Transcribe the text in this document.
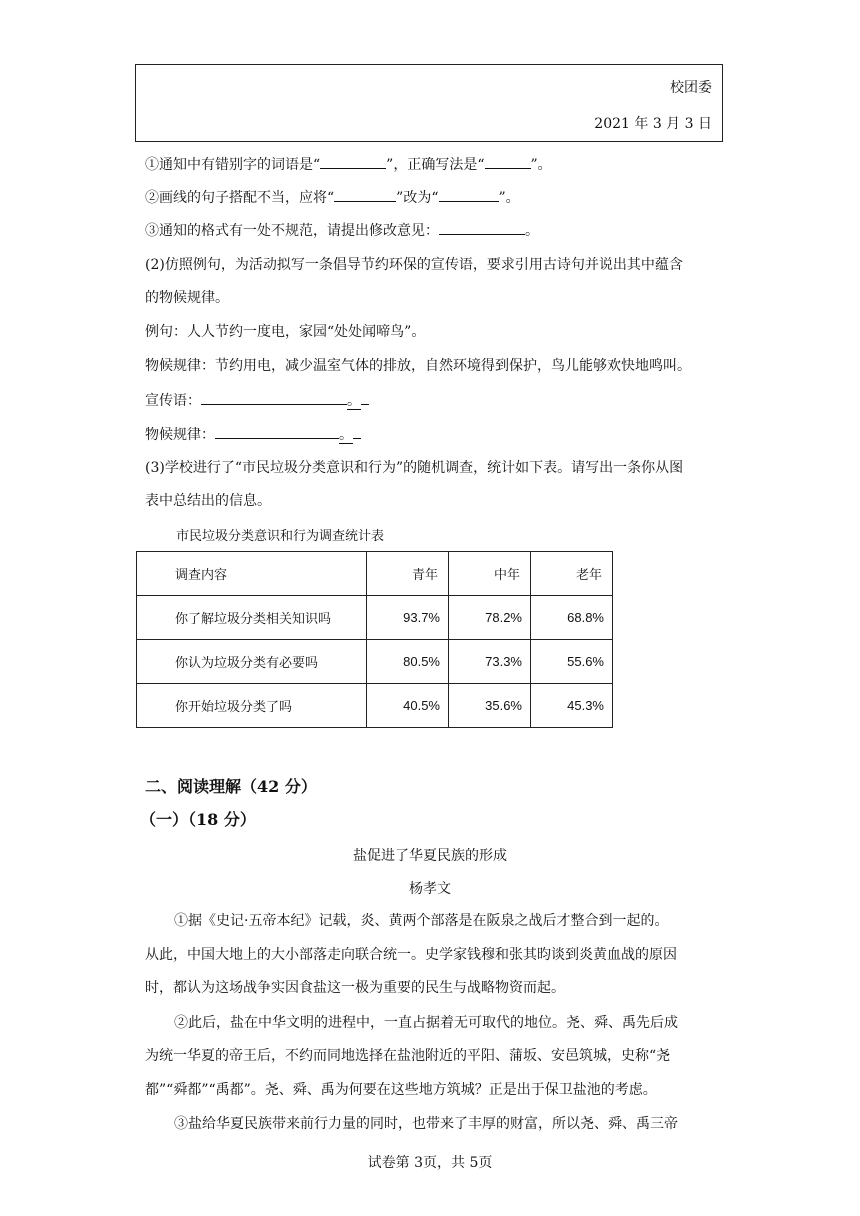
校团委
2021 年 3 月 3 日
①通知中有错别字的词语是“	”，正确写法是“	”。
②画线的句子搭配不当，应将“	”改为“	”。
③通知的格式有一处不规范，请提出修改意见：	。
(2)仿照例句，为活动拟写一条倡导节约环保的宣传语，要求引用古诗句并说出其中蕴含
的物候规律。
例句：人人节约一度电，家园“处处闻啼鸟”。
物候规律：节约用电，减少温室气体的排放，自然环境得到保护，鸟儿能够欢快地鸣叫。
宣传语：	。
物候规律：	。
(3)学校进行了“市民垃圾分类意识和行为”的随机调查，统计如下表。请写出一条你从图
表中总结出的信息。
市民垃圾分类意识和行为调查统计表
调查内容	青年	中年	老年
你了解垃圾分类相关知识吗	93.7%	78.2%	68.8%
你认为垃圾分类有必要吗	80.5%	73.3%	55.6%
你开始垃圾分类了吗	40.5%	35.6%	45.3%
二、阅读理解（42 分）
（一）（18 分）
盐促进了华夏民族的形成
杨孝文
①据《史记·五帝本纪》记载，炎、黄两个部落是在阪泉之战后才整合到一起的。
从此，中国大地上的大小部落走向联合统一。史学家钱穆和张其昀谈到炎黄血战的原因
时，都认为这场战争实因食盐这一极为重要的民生与战略物资而起。
②此后，盐在中华文明的进程中，一直占据着无可取代的地位。尧、舜、禹先后成
为统一华夏的帝王后，不约而同地选择在盐池附近的平阳、蒲坂、安邑筑城，史称“尧
都”“舜都”“禹都”。尧、舜、禹为何要在这些地方筑城？正是出于保卫盐池的考虑。
③盐给华夏民族带来前行力量的同时，也带来了丰厚的财富，所以尧、舜、禹三帝
试卷第 3页，共 5页
